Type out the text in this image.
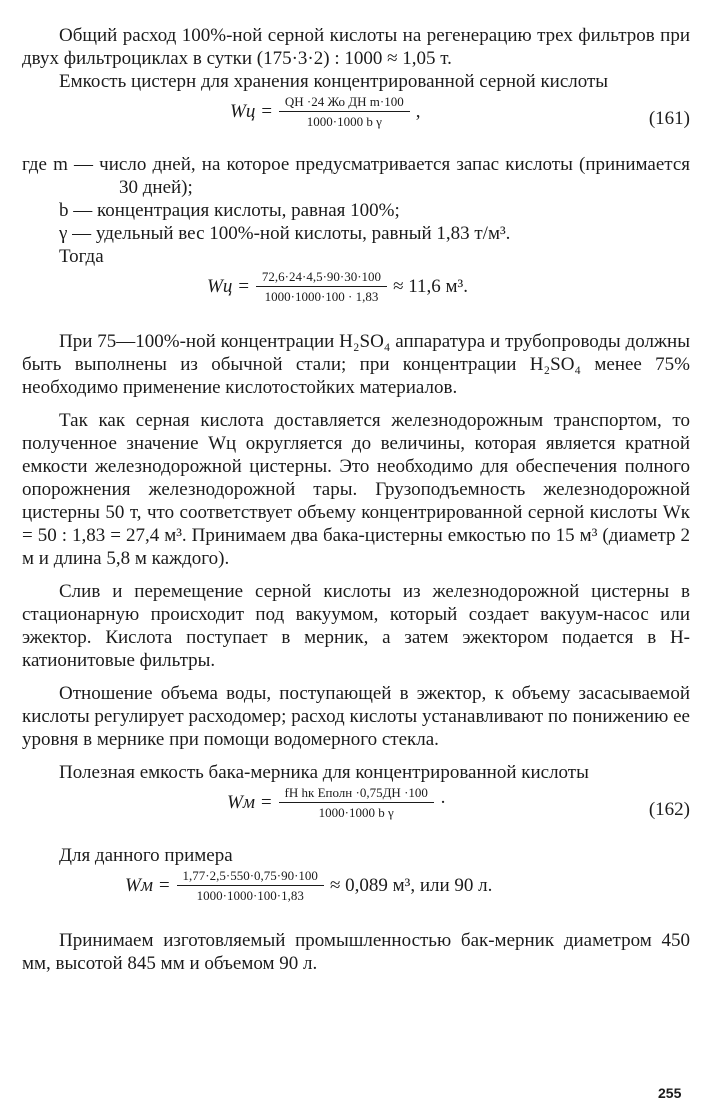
Общий расход 100%-ной серной кислоты на регенерацию трех фильтров при двух фильтроциклах в сутки (175·3·2) : 1000 ≈ 1,05 т.

Емкость цистерн для хранения концентрированной серной кислоты

Wц = $\frac{\text{QН ·24 Жо ДН m·100}}{\text{1000·1000 b γ}}$ ,	(161)

где m — число дней, на которое предусматривается запас кислоты (принимается 30 дней);

b — концентрация кислоты, равная 100%;

γ — удельный вес 100%-ной кислоты, равный 1,83 т/м³.

Тогда

Wц = $\frac{72,6\cdot 24\cdot 4,5\cdot 90\cdot 30\cdot 100}{1000\cdot 1000\cdot 100 \cdot 1,83} \approx 11,6$ м³.

При 75—100%-ной концентрации H₂SO₄ аппаратура и трубопроводы должны быть выполнены из обычной стали; при концентрации H₂SO₄ менее 75% необходимо применение кислотостойких материалов.

Так как серная кислота доставляется железнодорожным транспортом, то полученное значение Wц округляется до величины, которая является кратной емкости железнодорожной цистерны. Это необходимо для обеспечения полного опорожнения железнодорожной тары. Грузоподъемность железнодорожной цистерны 50 т, что соответствует объему концентрированной серной кислоты Wк = 50 : 1,83 = 27,4 м³. Принимаем два бака-цистерны емкостью по 15 м³ (диаметр 2 м и длина 5,8 м каждого).

Слив и перемещение серной кислоты из железнодорожной цистерны в стационарную происходит под вакуумом, который создает вакуум-насос или эжектор. Кислота поступает в мерник, а затем эжектором подается в Н-катионитовые фильтры.

Отношение объема воды, поступающей в эжектор, к объему засасываемой кислоты регулирует расходомер; расход кислоты устанавливают по понижению ее уровня в мернике при помощи водомерного стекла.

Полезная емкость бака-мерника для концентрированной кислоты

Wм = $\frac{\text{fН hк Eполн ·0,75ДН ·100}}{\text{1000·1000 b γ}}$ ·	(162)

Для данного примера

Wм = $\frac{1,77\cdot 2,5\cdot 550\cdot 0,75\cdot 90\cdot 100}{1000\cdot 1000\cdot 100\cdot 1,83} \approx 0,089$ м³, или 90 л.

Принимаем изготовляемый промышленностью бак-мерник диаметром 450 мм, высотой 845 мм и объемом 90 л.

255
